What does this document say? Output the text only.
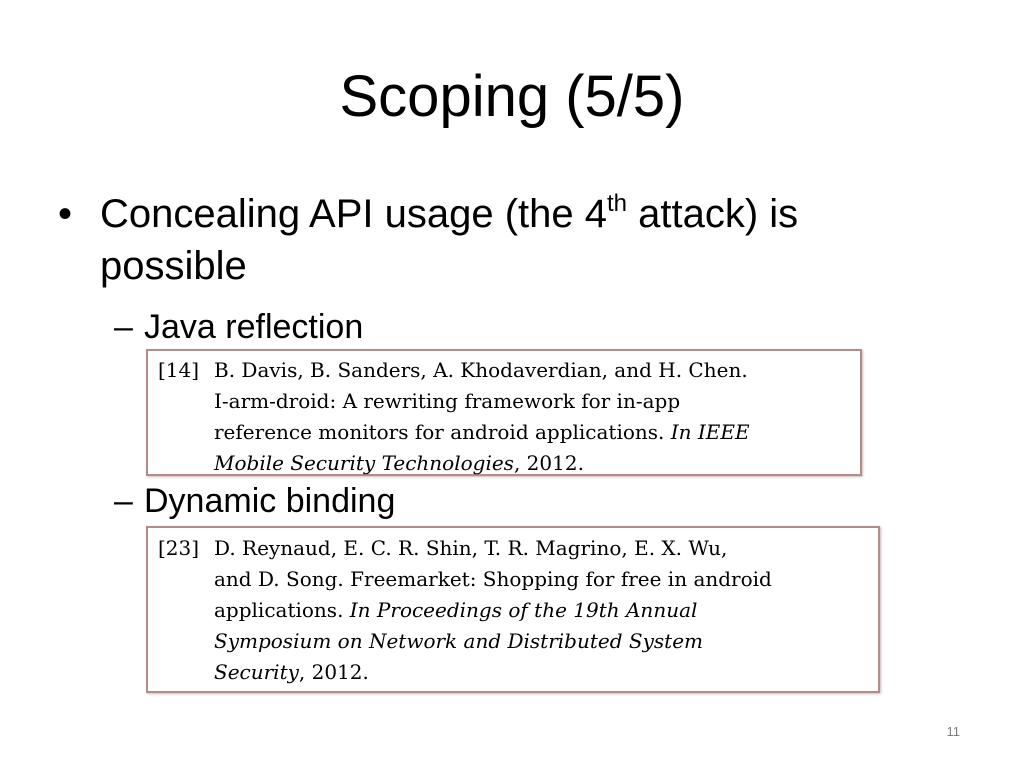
Scoping (5/5)
• Concealing API usage (the 4th attack) is possible
– Java reflection
[14] B. Davis, B. Sanders, A. Khodaverdian, and H. Chen.
I-arm-droid: A rewriting framework for in-app
reference monitors for android applications. In IEEE
Mobile Security Technologies, 2012.
– Dynamic binding
[23] D. Reynaud, E. C. R. Shin, T. R. Magrino, E. X. Wu,
and D. Song. Freemarket: Shopping for free in android
applications. In Proceedings of the 19th Annual
Symposium on Network and Distributed System
Security, 2012.
11
